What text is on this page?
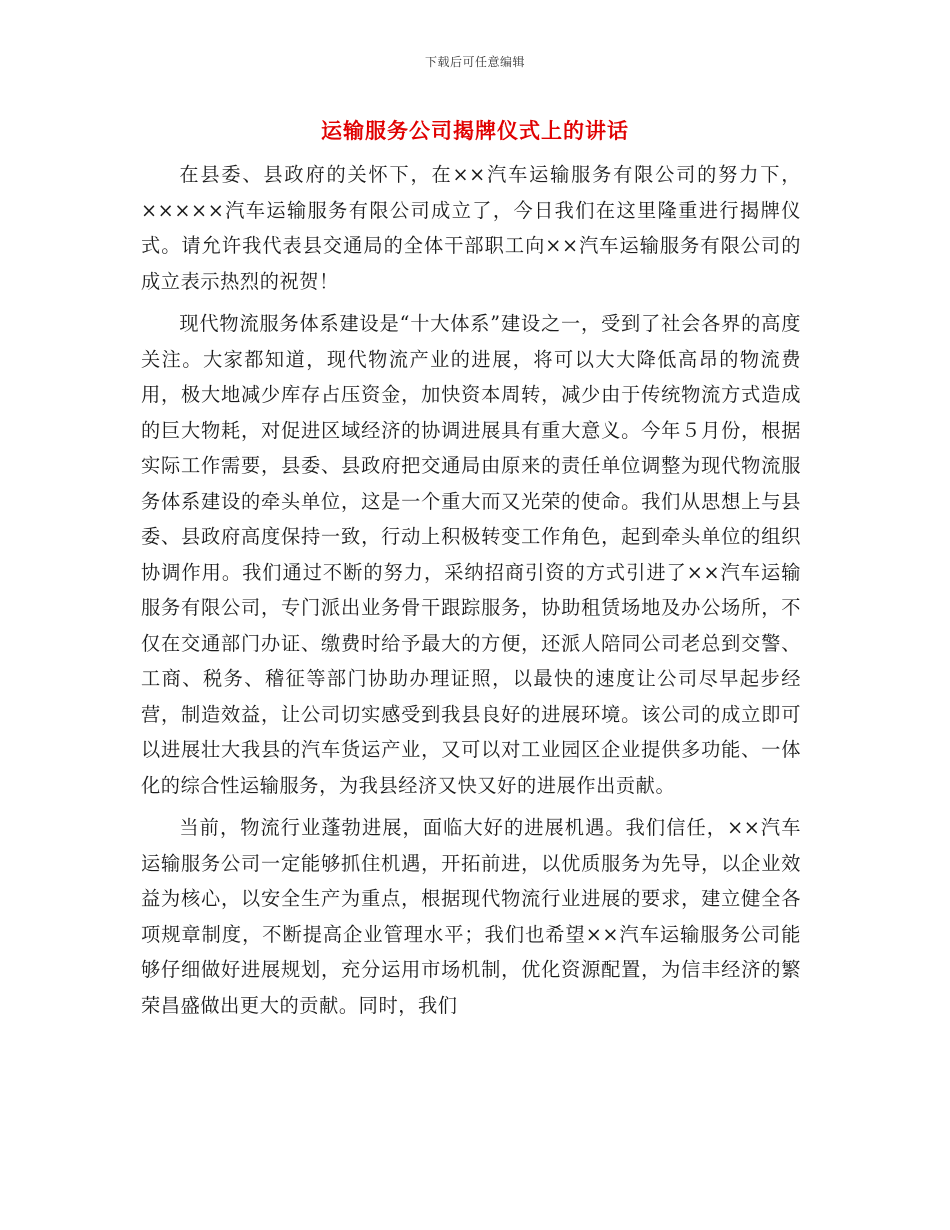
下载后可任意编辑
运输服务公司揭牌仪式上的讲话

在县委、县政府的关怀下，在××汽车运输服务有限公司的努力下，×××××汽车运输服务有限公司成立了，今日我们在这里隆重进行揭牌仪式。请允许我代表县交通局的全体干部职工向××汽车运输服务有限公司的成立表示热烈的祝贺！

现代物流服务体系建设是“十大体系”建设之一，受到了社会各界的高度关注。大家都知道，现代物流产业的进展，将可以大大降低高昂的物流费用，极大地减少库存占压资金，加快资本周转，减少由于传统物流方式造成的巨大物耗，对促进区域经济的协调进展具有重大意义。今年５月份，根据实际工作需要，县委、县政府把交通局由原来的责任单位调整为现代物流服务体系建设的牵头单位，这是一个重大而又光荣的使命。我们从思想上与县委、县政府高度保持一致，行动上积极转变工作角色，起到牵头单位的组织协调作用。我们通过不断的努力，采纳招商引资的方式引进了××汽车运输服务有限公司，专门派出业务骨干跟踪服务，协助租赁场地及办公场所，不仅在交通部门办证、缴费时给予最大的方便，还派人陪同公司老总到交警、工商、税务、稽征等部门协助办理证照，以最快的速度让公司尽早起步经营，制造效益，让公司切实感受到我县良好的进展环境。该公司的成立即可以进展壮大我县的汽车货运产业，又可以对工业园区企业提供多功能、一体化的综合性运输服务，为我县经济又快又好的进展作出贡献。

当前，物流行业蓬勃进展，面临大好的进展机遇。我们信任，××汽车运输服务公司一定能够抓住机遇，开拓前进，以优质服务为先导，以企业效益为核心，以安全生产为重点，根据现代物流行业进展的要求，建立健全各项规章制度，不断提高企业管理水平；我们也希望××汽车运输服务公司能够仔细做好进展规划，充分运用市场机制，优化资源配置，为信丰经济的繁荣昌盛做出更大的贡献。同时，我们
